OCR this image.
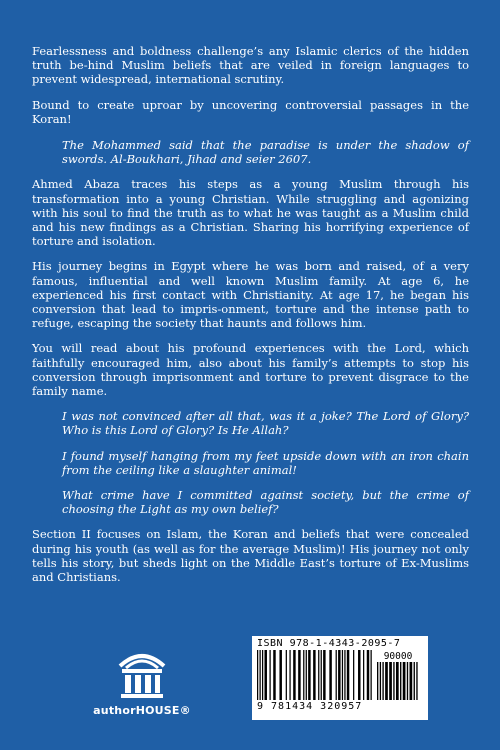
Fearlessness and boldness challenge’s any Islamic clerics of the hidden truth be-hind Muslim beliefs that are veiled in foreign languages to prevent widespread, international scrutiny.

Bound to create uproar by uncovering controversial passages in the Koran!

The Mohammed said that the paradise is under the shadow of swords. Al-Boukhari, Jihad and seier 2607.

Ahmed Abaza traces his steps as a young Muslim through his transformation into a young Christian. While struggling and agonizing with his soul to find the truth as to what he was taught as a Muslim child and his new findings as a Christian. Sharing his horrifying experience of torture and isolation.

His journey begins in Egypt where he was born and raised, of a very famous, influential and well known Muslim family. At age 6, he experienced his first contact with Christianity. At age 17, he began his conversion that lead to impris-onment, torture and the intense path to refuge, escaping the society that haunts and follows him.

You will read about his profound experiences with the Lord, which faithfully encouraged him, also about his family’s attempts to stop his conversion through imprisonment and torture to prevent disgrace to the family name.

I was not convinced after all that, was it a joke? The Lord of Glory? Who is this Lord of Glory? Is He Allah?

I found myself hanging from my feet upside down with an iron chain from the ceiling like a slaughter animal!

What crime have I committed against society, but the crime of choosing the Light as my own belief?

Section II focuses on Islam, the Koran and beliefs that were concealed during his youth (as well as for the average Muslim)! His journey not only tells his story, but sheds light on the Middle East’s torture of Ex-Muslims and Christians.

authorHOUSE®
ISBN 978-1-4343-2095-7
90000
9 781434 320957
